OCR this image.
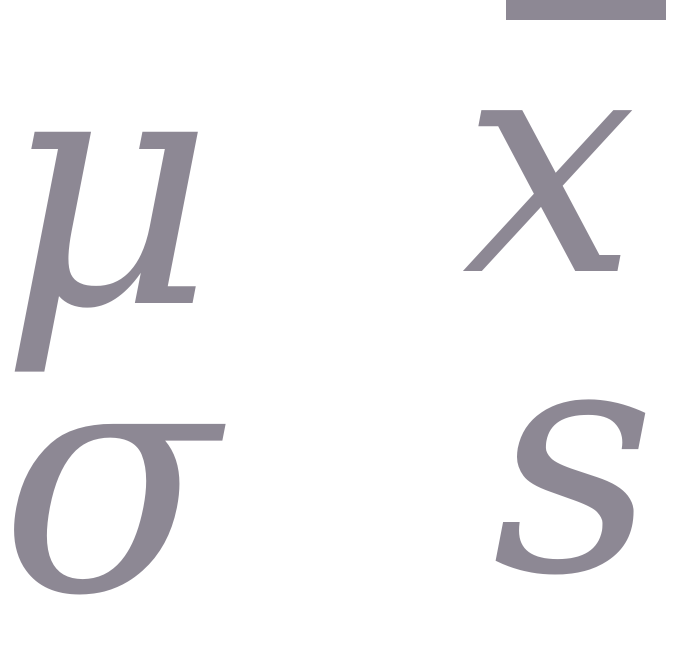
μ x

σ s
